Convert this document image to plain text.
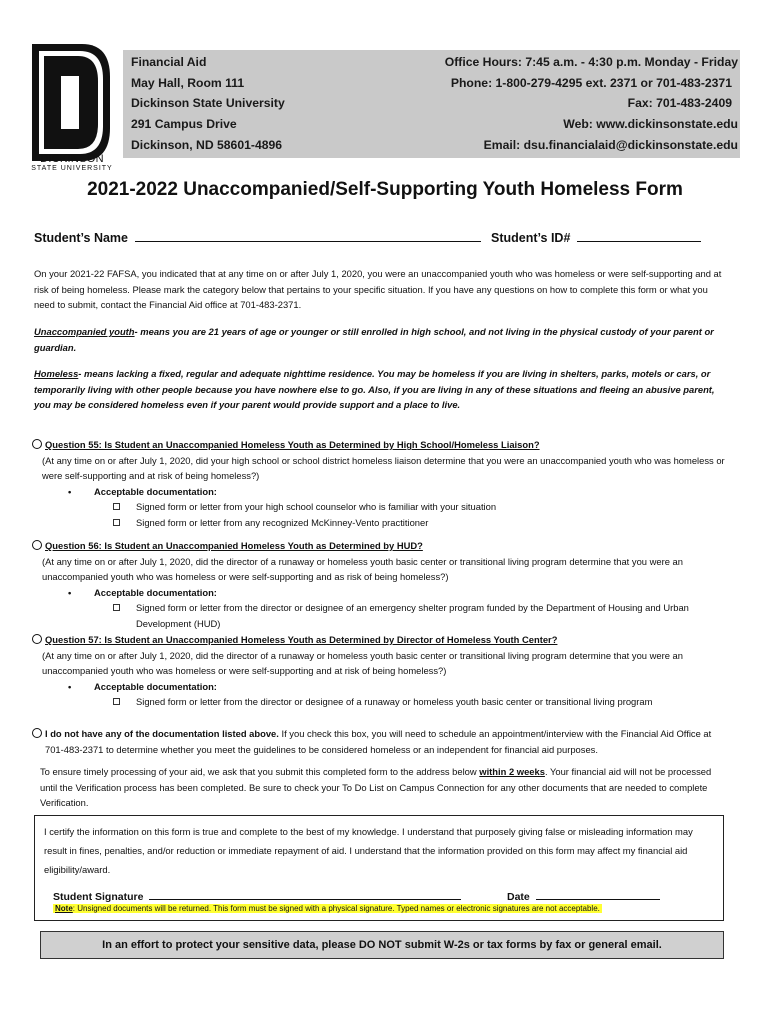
DICKINSON
STATE UNIVERSITY
Financial Aid
May Hall, Room 111
Dickinson State University
291 Campus Drive
Dickinson, ND 58601-4896
Office Hours: 7:45 a.m. - 4:30 p.m. Monday - Friday
Phone: 1-800-279-4295 ext. 2371 or 701-483-2371
Fax: 701-483-2409
Web: www.dickinsonstate.edu
Email: dsu.financialaid@dickinsonstate.edu
2021-2022 Unaccompanied/Self-Supporting Youth Homeless Form
Student’s Name	Student’s ID#
On your 2021-22 FAFSA, you indicated that at any time on or after July 1, 2020, you were an unaccompanied youth who was homeless or were self-supporting and at risk of being homeless. Please mark the category below that pertains to your specific situation. If you have any questions on how to complete this form or what you need to submit, contact the Financial Aid office at 701-483-2371.
Unaccompanied youth- means you are 21 years of age or younger or still enrolled in high school, and not living in the physical custody of your parent or guardian.
Homeless- means lacking a fixed, regular and adequate nighttime residence. You may be homeless if you are living in shelters, parks, motels or cars, or temporarily living with other people because you have nowhere else to go. Also, if you are living in any of these situations and fleeing an abusive parent, you may be considered homeless even if your parent would provide support and a place to live.
Question 55: Is Student an Unaccompanied Homeless Youth as Determined by High School/Homeless Liaison?
(At any time on or after July 1, 2020, did your high school or school district homeless liaison determine that you were an unaccompanied youth who was homeless or were self-supporting and at risk of being homeless?)
• Acceptable documentation:
Signed form or letter from your high school counselor who is familiar with your situation
Signed form or letter from any recognized McKinney-Vento practitioner
Question 56: Is Student an Unaccompanied Homeless Youth as Determined by HUD?
(At any time on or after July 1, 2020, did the director of a runaway or homeless youth basic center or transitional living program determine that you were an unaccompanied youth who was homeless or were self-supporting and as risk of being homeless?)
• Acceptable documentation:
Signed form or letter from the director or designee of an emergency shelter program funded by the Department of Housing and Urban Development (HUD)
Question 57: Is Student an Unaccompanied Homeless Youth as Determined by Director of Homeless Youth Center?
(At any time on or after July 1, 2020, did the director of a runaway or homeless youth basic center or transitional living program determine that you were an unaccompanied youth who was homeless or were self-supporting and at risk of being homeless?)
• Acceptable documentation:
Signed form or letter from the director or designee of a runaway or homeless youth basic center or transitional living program
I do not have any of the documentation listed above. If you check this box, you will need to schedule an appointment/interview with the Financial Aid Office at 701-483-2371 to determine whether you meet the guidelines to be considered homeless or an independent for financial aid purposes.
To ensure timely processing of your aid, we ask that you submit this completed form to the address below within 2 weeks. Your financial aid will not be processed until the Verification process has been completed. Be sure to check your To Do List on Campus Connection for any other documents that are needed to complete Verification.
I certify the information on this form is true and complete to the best of my knowledge. I understand that purposely giving false or misleading information may result in fines, penalties, and/or reduction or immediate repayment of aid. I understand that the information provided on this form may affect my financial aid eligibility/award.
Student Signature	Date
Note: Unsigned documents will be returned. This form must be signed with a physical signature. Typed names or electronic signatures are not acceptable.
In an effort to protect your sensitive data, please DO NOT submit W-2s or tax forms by fax or general email.
